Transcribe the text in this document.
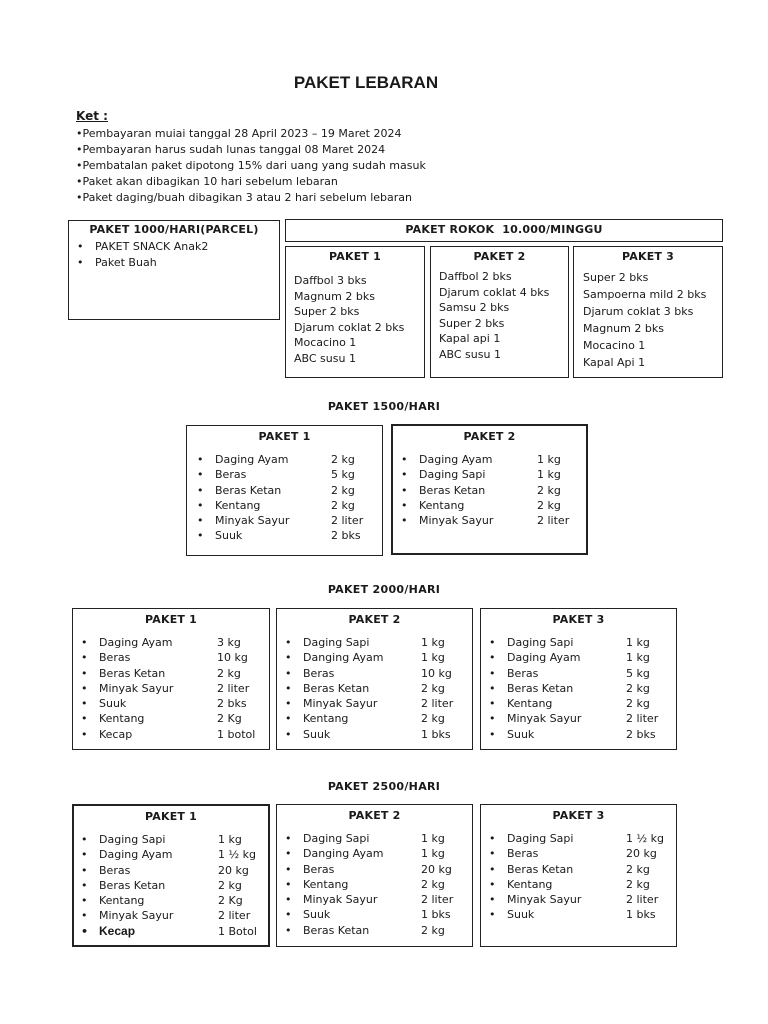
PAKET LEBARAN
Ket :
• Pembayaran muiai tanggal 28 April 2023 – 19 Maret 2024
• Pembayaran harus sudah lunas tanggal 08 Maret 2024
• Pembatalan paket dipotong 15% dari uang yang sudah masuk
• Paket akan dibagikan 10 hari sebelum lebaran
• Paket daging/buah dibagikan 3 atau 2 hari sebelum lebaran
PAKET 1000/HARI(PARCEL)
• PAKET SNACK Anak2
• Paket Buah
PAKET ROKOK  10.000/MINGGU
PAKET 1
Daffbol 3 bks
Magnum 2 bks
Super 2 bks
Djarum coklat 2 bks
Mocacino 1
ABC susu 1
PAKET 2
Daffbol 2 bks
Djarum coklat 4 bks
Samsu 2 bks
Super 2 bks
Kapal api 1
ABC susu 1
PAKET 3
Super 2 bks
Sampoerna mild 2 bks
Djarum coklat 3 bks
Magnum 2 bks
Mocacino 1
Kapal Api 1
PAKET 1500/HARI
PAKET 1
• Daging Ayam	2 kg
• Beras	5 kg
• Beras Ketan	2 kg
• Kentang	2 kg
• Minyak Sayur	2 liter
• Suuk	2 bks
PAKET 2
• Daging Ayam	1 kg
• Daging Sapi	1 kg
• Beras Ketan	2 kg
• Kentang	2 kg
• Minyak Sayur	2 liter
PAKET 2000/HARI
PAKET 1
• Daging Ayam	3 kg
• Beras	10 kg
• Beras Ketan	2 kg
• Minyak Sayur	2 liter
• Suuk	2 bks
• Kentang	2 Kg
• Kecap	1 botol
PAKET 2
• Daging Sapi	1 kg
• Danging Ayam	1 kg
• Beras	10 kg
• Beras Ketan	2 kg
• Minyak Sayur	2 liter
• Kentang	2 kg
• Suuk	1 bks
PAKET 3
• Daging Sapi	1 kg
• Daging Ayam	1 kg
• Beras	5 kg
• Beras Ketan	2 kg
• Kentang	2 kg
• Minyak Sayur	2 liter
• Suuk	2 bks
PAKET 2500/HARI
PAKET 1
• Daging Sapi	1 kg
• Daging Ayam	1 ½ kg
• Beras	20 kg
• Beras Ketan	2 kg
• Kentang	2 Kg
• Minyak Sayur	2 liter
• Kecap	1 Botol
PAKET 2
• Daging Sapi	1 kg
• Danging Ayam	1 kg
• Beras	20 kg
• Kentang	2 kg
• Minyak Sayur	2 liter
• Suuk	1 bks
• Beras Ketan	2 kg
PAKET 3
• Daging Sapi	1 ½ kg
• Beras	20 kg
• Beras Ketan	2 kg
• Kentang	2 kg
• Minyak Sayur	2 liter
• Suuk	1 bks
